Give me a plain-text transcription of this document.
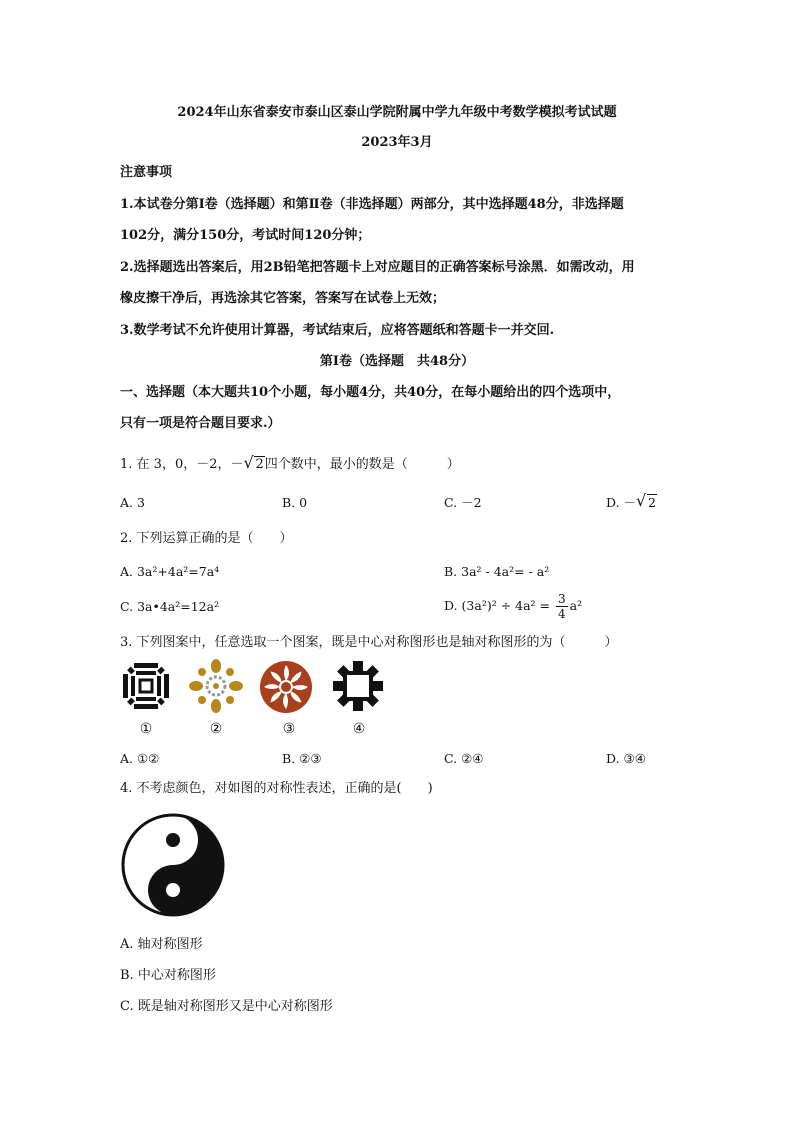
2024年山东省泰安市泰山区泰山学院附属中学九年级中考数学模拟考试试题
2023年3月
注意事项
1.本试卷分第Ⅰ卷（选择题）和第Ⅱ卷（非选择题）两部分，其中选择题48分，非选择题
102分，满分150分，考试时间120分钟；
2.选择题选出答案后，用2B铅笔把答题卡上对应题目的正确答案标号涂黑．如需改动，用
橡皮擦干净后，再选涂其它答案，答案写在试卷上无效；
3.数学考试不允许使用计算器，考试结束后，应将答题纸和答题卡一并交回.
第Ⅰ卷（选择题　共48分）
一、选择题（本大题共10个小题，每小题4分，共40分，在每小题给出的四个选项中，
只有一项是符合题目要求.）
1. 在 3，0，－2，－ √ 2四个数中，最小的数是（　　　）
A. 3	B. 0	C. －2	D. － √ 2
2. 下列运算正确的是（　　）
A. 3a²+4a²=7a⁴	B. 3a² - 4a²= - a²
C. 3a•4a²=12a²	D. $(3a^2)^2 \div 4a^2 = \frac{3}{4} a^2$
3. 下列图案中，任意选取一个图案，既是中心对称图形也是轴对称图形的为（　　　）
①	②	③	④
A. ①②	B. ②③	C. ②④	D. ③④
4. 不考虑颜色，对如图的对称性表述，正确的是(　　)
A. 轴对称图形
B. 中心对称图形
C. 既是轴对称图形又是中心对称图形
